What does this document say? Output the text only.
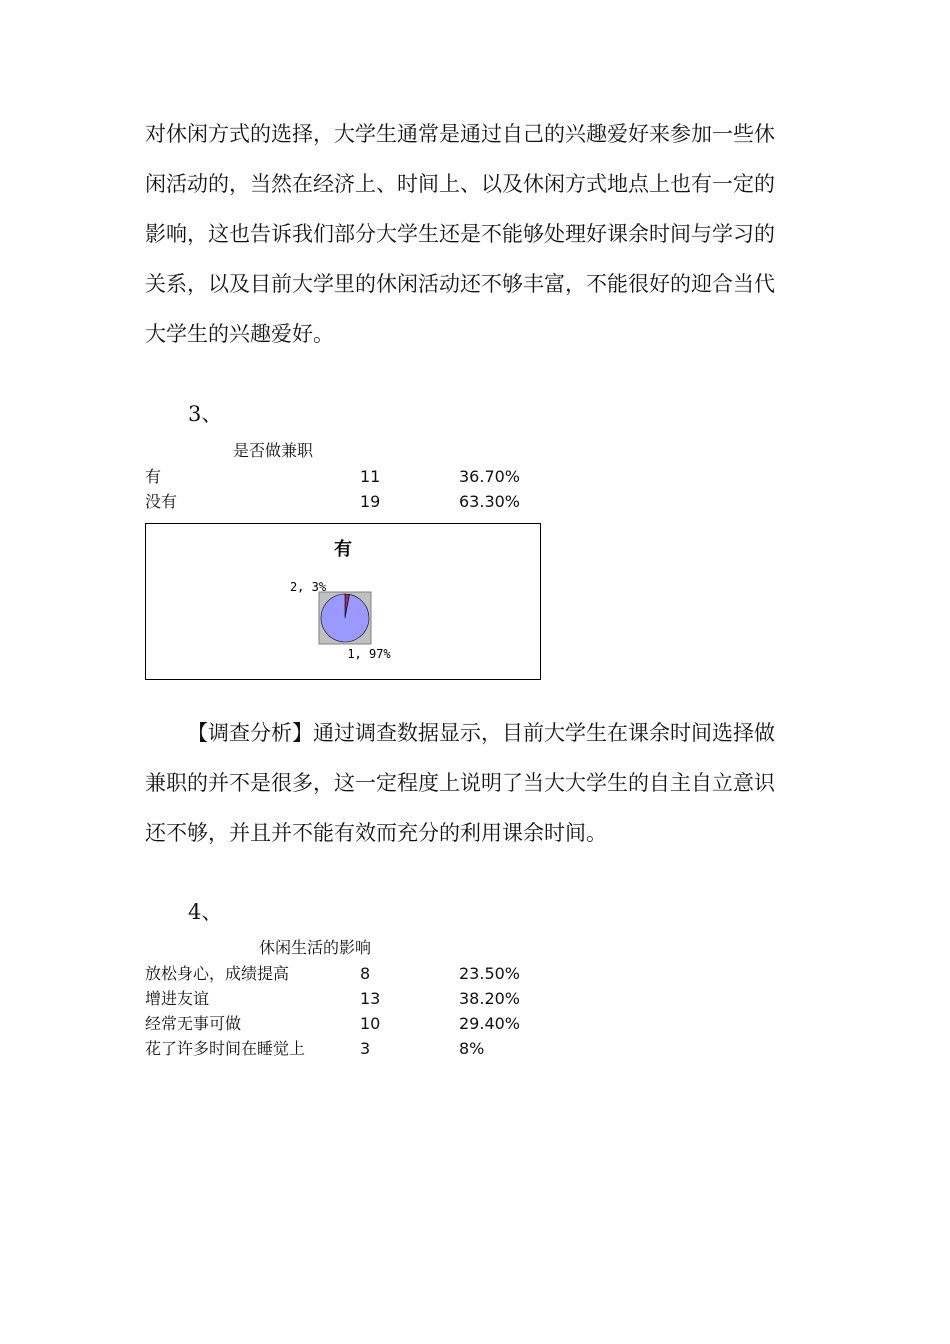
对休闲方式的选择，大学生通常是通过自己的兴趣爱好来参加一些休
闲活动的，当然在经济上、时间上、以及休闲方式地点上也有一定的
影响，这也告诉我们部分大学生还是不能够处理好课余时间与学习的
关系，以及目前大学里的休闲活动还不够丰富，不能很好的迎合当代
大学生的兴趣爱好。
3、
是否做兼职
有	11	36.70%
没有	19	63.30%
有
1, 97%
2, 3%
【调查分析】通过调查数据显示，目前大学生在课余时间选择做
兼职的并不是很多，这一定程度上说明了当大大学生的自主自立意识
还不够，并且并不能有效而充分的利用课余时间。
4、
休闲生活的影响
放松身心，成绩提高	8	23.50%
增进友谊	13	38.20%
经常无事可做	10	29.40%
花了许多时间在睡觉上	3	8%
